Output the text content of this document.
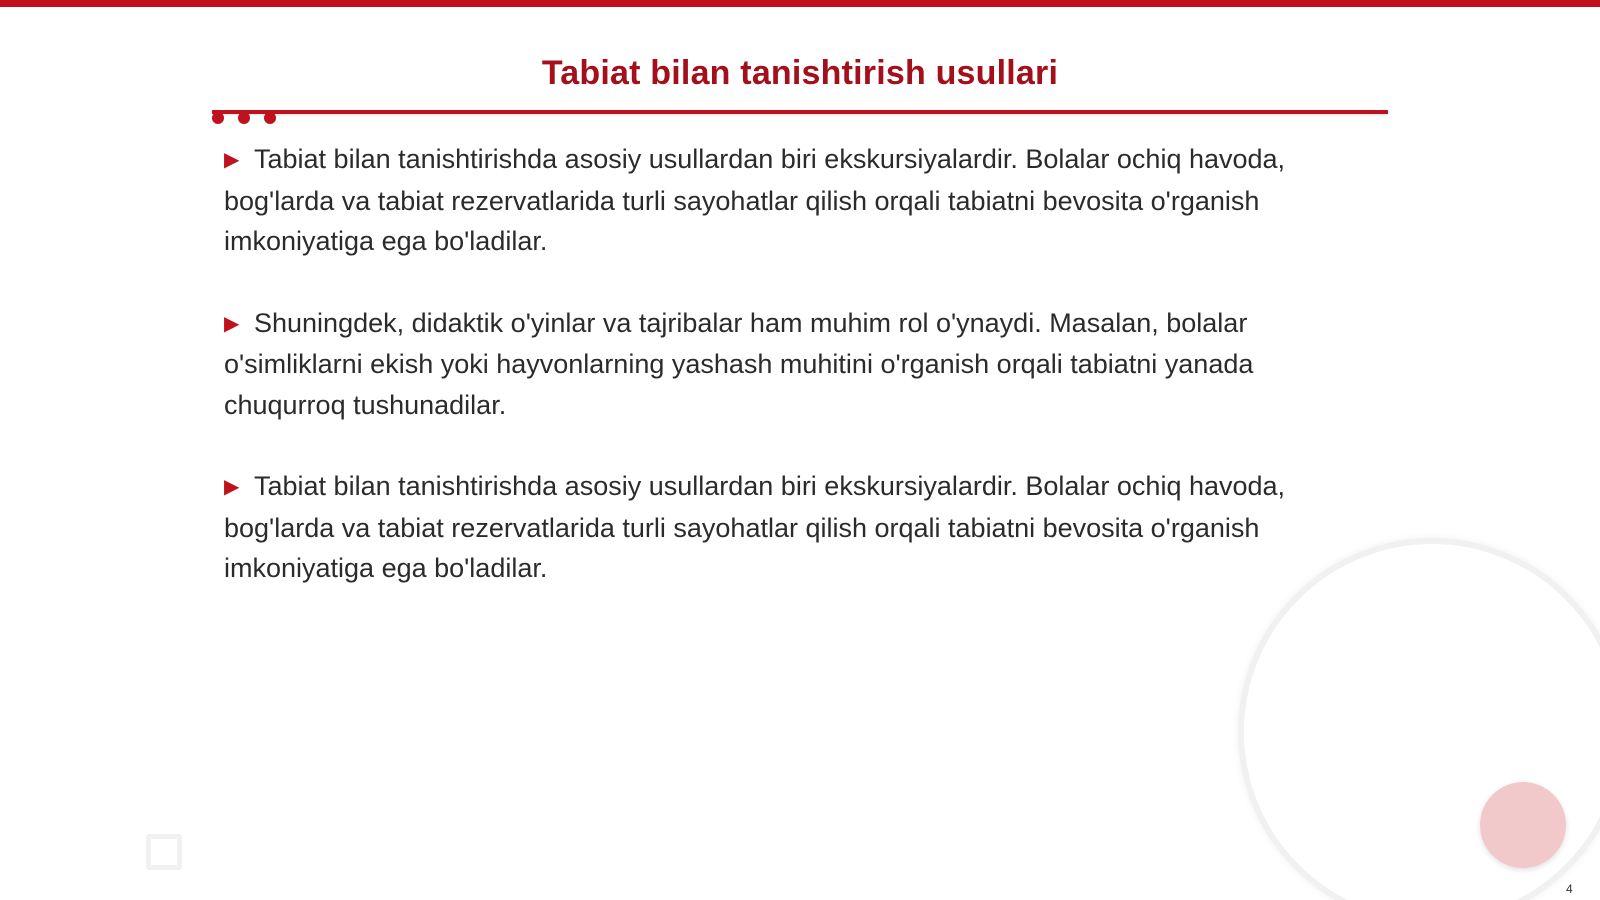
Tabiat bilan tanishtirish usullari

▶ Tabiat bilan tanishtirishda asosiy usullardan biri ekskursiyalardir. Bolalar ochiq havoda, bog'larda va tabiat rezervatlarida turli sayohatlar qilish orqali tabiatni bevosita o'rganish imkoniyatiga ega bo'ladilar.

▶ Shuningdek, didaktik o'yinlar va tajribalar ham muhim rol o'ynaydi. Masalan, bolalar o'simliklarni ekish yoki hayvonlarning yashash muhitini o'rganish orqali tabiatni yanada chuqurroq tushunadilar.

▶ Tabiat bilan tanishtirishda asosiy usullardan biri ekskursiyalardir. Bolalar ochiq havoda, bog'larda va tabiat rezervatlarida turli sayohatlar qilish orqali tabiatni bevosita o'rganish imkoniyatiga ega bo'ladilar.

4
